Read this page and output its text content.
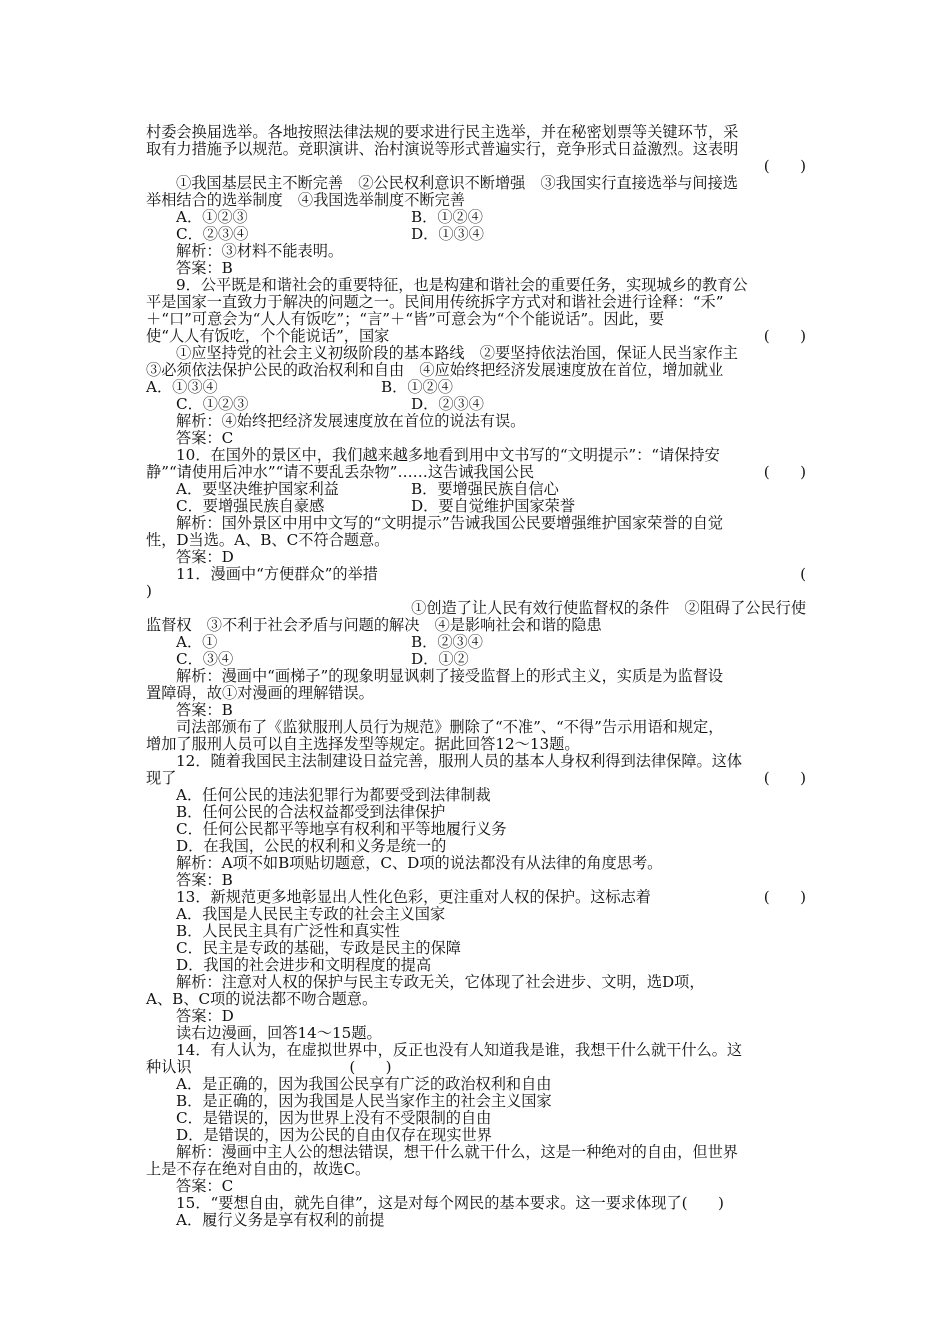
村委会换届选举。各地按照法律法规的要求进行民主选举，并在秘密划票等关键环节，采
取有力措施予以规范。竞职演讲、治村演说等形式普遍实行，竞争形式日益激烈。这表明
(　　)
①我国基层民主不断完善　②公民权利意识不断增强　③我国实行直接选举与间接选
举相结合的选举制度　④我国选举制度不断完善
A．①②③	B．①②④
C．②③④	D．①③④
解析：③材料不能表明。
答案：B
9．公平既是和谐社会的重要特征，也是构建和谐社会的重要任务，实现城乡的教育公
平是国家一直致力于解决的问题之一。民间用传统拆字方式对和谐社会进行诠释：“禾”
＋“口”可意会为“人人有饭吃”；“言”＋“皆”可意会为“个个能说话”。因此，要
使“人人有饭吃，个个能说话”，国家	(　　)
①应坚持党的社会主义初级阶段的基本路线　②要坚持依法治国，保证人民当家作主
③必须依法保护公民的政治权利和自由　④应始终把经济发展速度放在首位，增加就业
A．①③④	B．①②④
C．①②③	D．②③④
解析：④始终把经济发展速度放在首位的说法有误。
答案：C
10．在国外的景区中，我们越来越多地看到用中文书写的“文明提示”：“请保持安
静”“请使用后冲水”“请不要乱丢杂物”……这告诫我国公民	(　　)
A．要坚决维护国家利益	B．要增强民族自信心
C．要增强民族自豪感	D．要自觉维护国家荣誉
解析：国外景区中用中文写的“文明提示”告诫我国公民要增强维护国家荣誉的自觉
性，D当选。A、B、C不符合题意。
答案：D
11．漫画中“方便群众”的举措	(
)
①创造了让人民有效行使监督权的条件　②阻碍了公民行使
监督权　③不利于社会矛盾与问题的解决　④是影响社会和谐的隐患
A．①	B．②③④
C．③④	D．①②
解析：漫画中“画梯子”的现象明显讽刺了接受监督上的形式主义，实质是为监督设
置障碍，故①对漫画的理解错误。
答案：B
司法部颁布了《监狱服刑人员行为规范》删除了“不准”、“不得”告示用语和规定，
增加了服刑人员可以自主选择发型等规定。据此回答12～13题。
12．随着我国民主法制建设日益完善，服刑人员的基本人身权利得到法律保障。这体
现了	(　　)
A．任何公民的违法犯罪行为都要受到法律制裁
B．任何公民的合法权益都受到法律保护
C．任何公民都平等地享有权利和平等地履行义务
D．在我国，公民的权利和义务是统一的
解析：A项不如B项贴切题意，C、D项的说法都没有从法律的角度思考。
答案：B
13．新规范更多地彰显出人性化色彩，更注重对人权的保护。这标志着	(　　)
A．我国是人民民主专政的社会主义国家
B．人民民主具有广泛性和真实性
C．民主是专政的基础，专政是民主的保障
D．我国的社会进步和文明程度的提高
解析：注意对人权的保护与民主专政无关，它体现了社会进步、文明，选D项，
A、B、C项的说法都不吻合题意。
答案：D
读右边漫画，回答14～15题。
14．有人认为，在虚拟世界中，反正也没有人知道我是谁，我想干什么就干什么。这
种认识	(　　)
A．是正确的，因为我国公民享有广泛的政治权利和自由
B．是正确的，因为我国是人民当家作主的社会主义国家
C．是错误的，因为世界上没有不受限制的自由
D．是错误的，因为公民的自由仅存在现实世界
解析：漫画中主人公的想法错误，想干什么就干什么，这是一种绝对的自由，但世界
上是不存在绝对自由的，故选C。
答案：C
15．“要想自由，就先自律”，这是对每个网民的基本要求。这一要求体现了(　　)
A．履行义务是享有权利的前提
